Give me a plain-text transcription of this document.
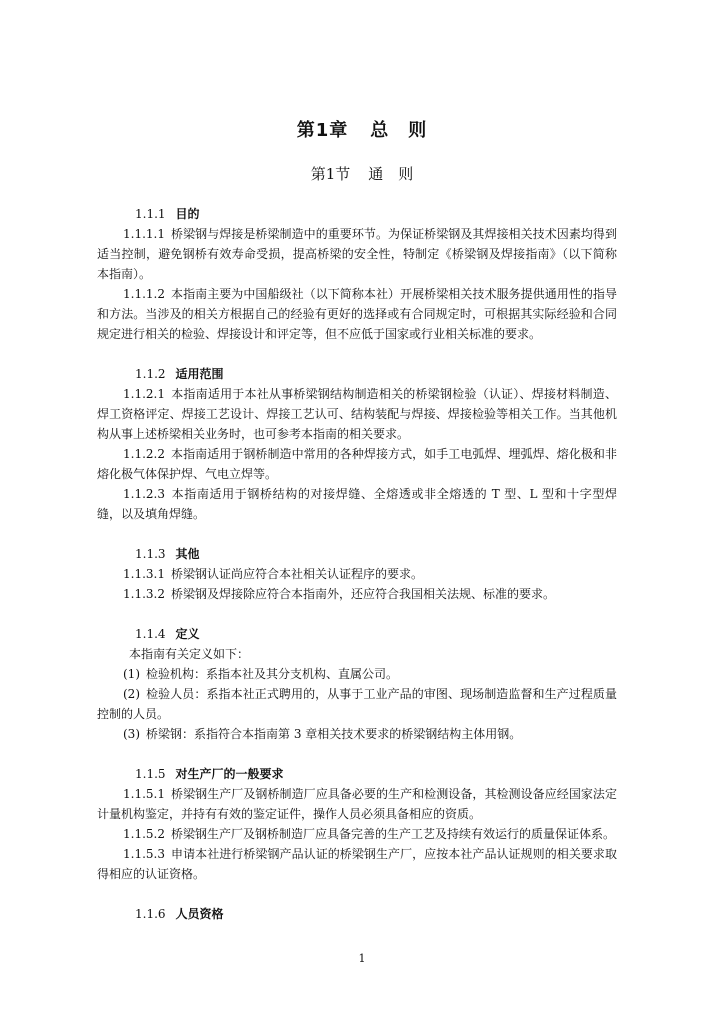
第1章 总　则
第1节 通　则

1.1.1 目的

1.1.1.1 桥梁钢与焊接是桥梁制造中的重要环节。为保证桥梁钢及其焊接相关技术因素均得到适当控制，避免钢桥有效寿命受损，提高桥梁的安全性，特制定《桥梁钢及焊接指南》（以下简称本指南）。

1.1.1.2 本指南主要为中国船级社（以下简称本社）开展桥梁相关技术服务提供通用性的指导和方法。当涉及的相关方根据自己的经验有更好的选择或有合同规定时，可根据其实际经验和合同规定进行相关的检验、焊接设计和评定等，但不应低于国家或行业相关标准的要求。

1.1.2 适用范围

1.1.2.1 本指南适用于本社从事桥梁钢结构制造相关的桥梁钢检验（认证）、焊接材料制造、焊工资格评定、焊接工艺设计、焊接工艺认可、结构装配与焊接、焊接检验等相关工作。当其他机构从事上述桥梁相关业务时，也可参考本指南的相关要求。

1.1.2.2 本指南适用于钢桥制造中常用的各种焊接方式，如手工电弧焊、埋弧焊、熔化极和非熔化极气体保护焊、气电立焊等。

1.1.2.3 本指南适用于钢桥结构的对接焊缝、全熔透或非全熔透的 T 型、L 型和十字型焊缝，以及填角焊缝。

1.1.3 其他

1.1.3.1 桥梁钢认证尚应符合本社相关认证程序的要求。

1.1.3.2 桥梁钢及焊接除应符合本指南外，还应符合我国相关法规、标准的要求。

1.1.4 定义

本指南有关定义如下：

(1) 检验机构：系指本社及其分支机构、直属公司。

(2) 检验人员：系指本社正式聘用的，从事于工业产品的审图、现场制造监督和生产过程质量控制的人员。

(3) 桥梁钢：系指符合本指南第 3 章相关技术要求的桥梁钢结构主体用钢。

1.1.5 对生产厂的一般要求

1.1.5.1 桥梁钢生产厂及钢桥制造厂应具备必要的生产和检测设备，其检测设备应经国家法定计量机构鉴定，并持有有效的鉴定证件，操作人员必须具备相应的资质。

1.1.5.2 桥梁钢生产厂及钢桥制造厂应具备完善的生产工艺及持续有效运行的质量保证体系。

1.1.5.3 申请本社进行桥梁钢产品认证的桥梁钢生产厂，应按本社产品认证规则的相关要求取得相应的认证资格。

1.1.6 人员资格

1
